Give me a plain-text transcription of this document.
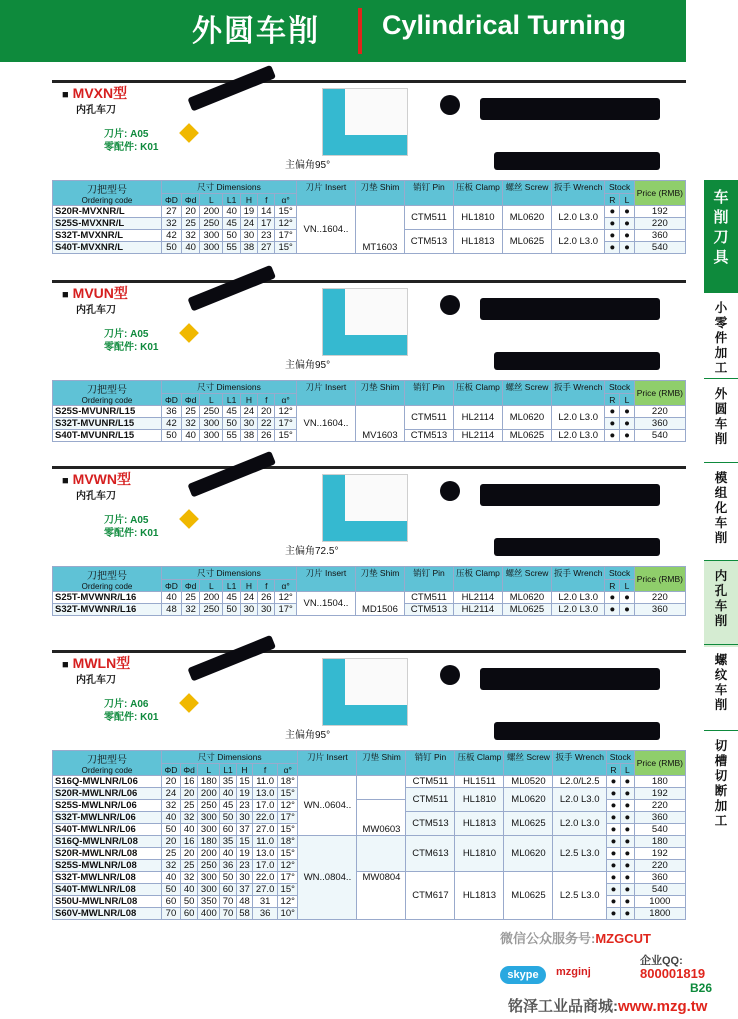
外圆车削 Cylindrical Turning
车
削
刀
具
小
零
件
加
工
外
圆
车
削
模
组
化
车
削
内
孔
车
削
螺
纹
车
削
切
槽
切
断
加
工
■ MVXN型
内孔车刀
刀片: A05
零配件: K01
主偏角95°
刀把型号
Ordering code	尺寸 Dimensions							刀片 Insert	刀垫 Shim	销钉 Pin	压板 Clamp	螺丝 Screw	扳手 Wrench	Stock		Price (RMB)
	ΦD	Φd	L	L1	H	f	α°							R	L	
S20R-MVXNR/L	27	20	200	40	19	14	15°	VN..1604..	MT1603	CTM511	HL1810	ML0620	L2.0 L3.0	●	●	192
S25S-MVXNR/L	32	25	250	45	24	17	12°							●	●	220
S32T-MVXNR/L	42	32	300	50	30	23	17°			CTM513	HL1813	ML0625	L2.0 L3.0	●	●	360
S40T-MVXNR/L	50	40	300	55	38	27	15°							●	●	540
■ MVUN型
内孔车刀
刀片: A05
零配件: K01
主偏角95°
刀把型号
Ordering code	尺寸 Dimensions							刀片 Insert	刀垫 Shim	销钉 Pin	压板 Clamp	螺丝 Screw	扳手 Wrench	Stock		Price (RMB)
	ΦD	Φd	L	L1	H	f	α°							R	L	
S25S-MVUNR/L15	36	25	250	45	24	20	12°	VN..1604..	MV1603	CTM511	HL2114	ML0620	L2.0 L3.0	●	●	220
S32T-MVUNR/L15	42	32	300	50	30	22	17°							●	●	360
S40T-MVUNR/L15	50	40	300	55	38	26	15°			CTM513	HL2114	ML0625	L2.0 L3.0	●	●	540
■ MVWN型
内孔车刀
刀片: A05
零配件: K01
主偏角72.5°
刀把型号
Ordering code	尺寸 Dimensions							刀片 Insert	刀垫 Shim	销钉 Pin	压板 Clamp	螺丝 Screw	扳手 Wrench	Stock		Price (RMB)
	ΦD	Φd	L	L1	H	f	α°							R	L	
S25T-MVWNR/L16	40	25	200	45	24	26	12°	VN..1504..	MD1506	CTM511	HL2114	ML0620	L2.0 L3.0	●	●	220
S32T-MVWNR/L16	48	32	250	50	30	30	17°			CTM513	HL2114	ML0625	L2.0 L3.0	●	●	360
■ MWLN型
内孔车刀
刀片: A06
零配件: K01
主偏角95°
刀把型号
Ordering code	尺寸 Dimensions							刀片 Insert	刀垫 Shim	销钉 Pin	压板 Clamp	螺丝 Screw	扳手 Wrench	Stock		Price (RMB)
	ΦD	Φd	L	L1	H	f	α°							R	L	
S16Q-MWLNR/L06	20	16	180	35	15	11.0	18°	WN..0604..		CTM511	HL1511	ML0520	L2.0/L2.5	●	●	180
S20R-MWLNR/L06	24	20	200	40	19	13.0	15°			CTM511	HL1810	ML0620	L2.0 L3.0	●	●	192
S25S-MWLNR/L06	32	25	250	45	23	17.0	12°		MW0603					●	●	220
S32T-MWLNR/L06	40	32	300	50	30	22.0	17°			CTM513	HL1813	ML0625	L2.0 L3.0	●	●	360
S40T-MWLNR/L06	50	40	300	60	37	27.0	15°							●	●	540
S16Q-MWLNR/L08	20	16	180	35	15	11.0	18°	WN..0804..		CTM613	HL1810	ML0620	L2.5 L3.0	●	●	180
S20R-MWLNR/L08	25	20	200	40	19	13.0	15°							●	●	192
S25S-MWLNR/L08	32	25	250	36	23	17.0	12°							●	●	220
S32T-MWLNR/L08	40	32	300	50	30	22.0	17°		MW0804	CTM617	HL1813	ML0625	L2.5 L3.0	●	●	360
S40T-MWLNR/L08	50	40	300	60	37	27.0	15°							●	●	540
S50U-MWLNR/L08	60	50	350	70	48	31	12°							●	●	1000
S60V-MWLNR/L08	70	60	400	70	58	36	10°							●	●	1800
微信公众服务号:MZGCUT
skype	mzginj
企业QQ:
800001819
铭泽工业品商城:www.mzg.tw
B26
